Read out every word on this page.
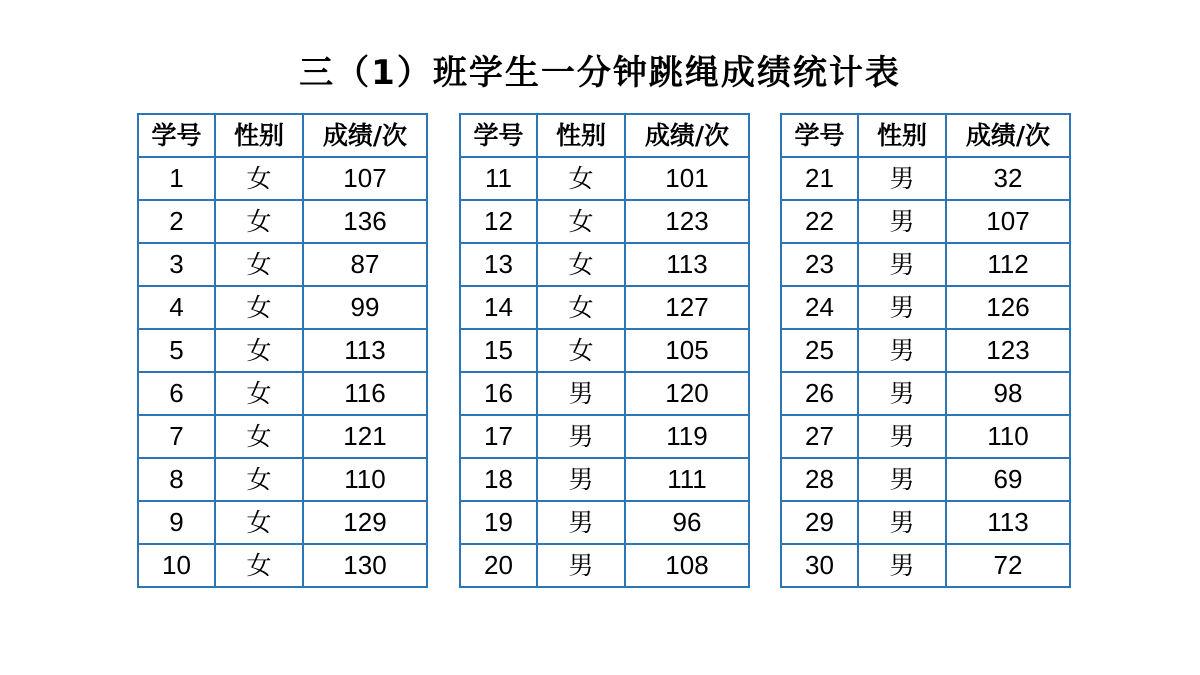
三（1）班学生一分钟跳绳成绩统计表
学号	性别	成绩/次
1	女	107
2	女	136
3	女	87
4	女	99
5	女	113
6	女	116
7	女	121
8	女	110
9	女	129
10	女	130
学号	性别	成绩/次
11	女	101
12	女	123
13	女	113
14	女	127
15	女	105
16	男	120
17	男	119
18	男	111
19	男	96
20	男	108
学号	性别	成绩/次
21	男	32
22	男	107
23	男	112
24	男	126
25	男	123
26	男	98
27	男	110
28	男	69
29	男	113
30	男	72
